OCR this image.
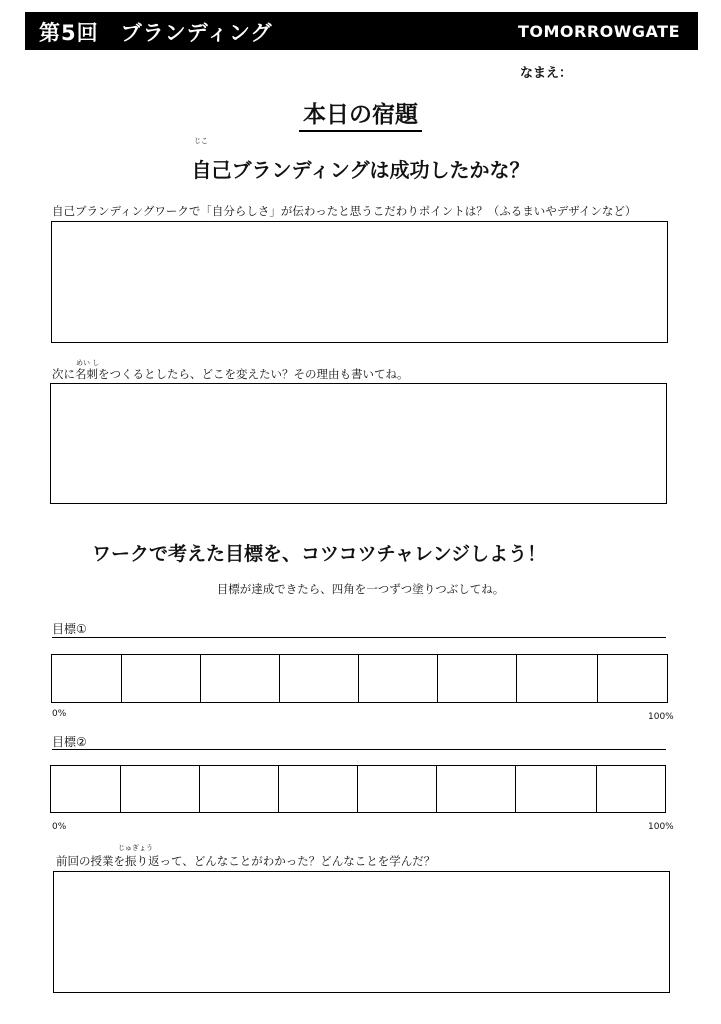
第5回　ブランディング	TOMORROWGATE
なまえ：
本日の宿題
じこ
自己ブランディングは成功したかな？
自己ブランディングワークで「自分らしさ」が伝わったと思うこだわりポイントは？（ふるまいやデザインなど）
めい し
次に名刺をつくるとしたら、どこを変えたい？その理由も書いてね。
ワークで考えた目標を、コツコツチャレンジしよう！
目標が達成できたら、四角を一つずつ塗りつぶしてね。
目標①
0%	100%
目標②
0%	100%
じゅぎょう
前回の授業を振り返って、どんなことがわかった？どんなことを学んだ？
